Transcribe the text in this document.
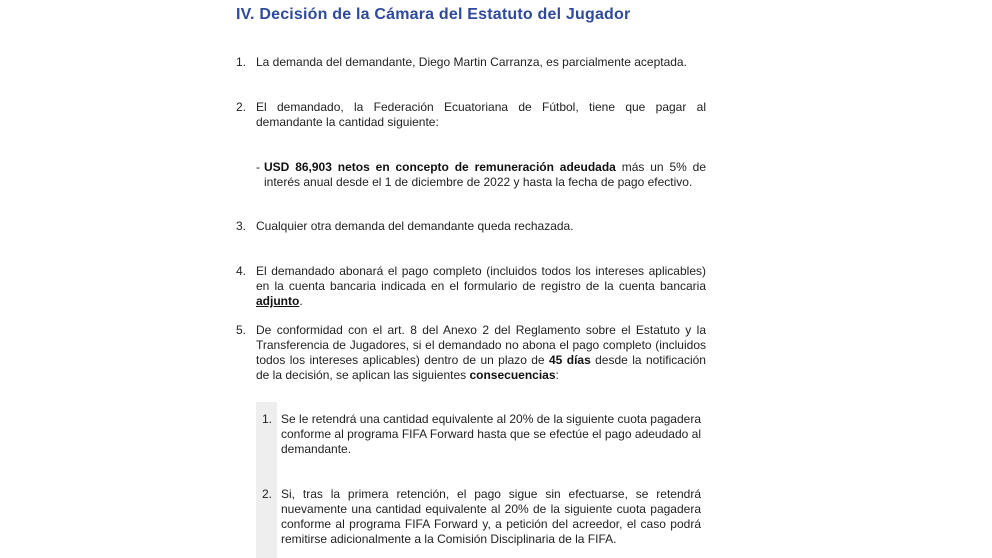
IV. Decisión de la Cámara del Estatuto del Jugador
1. La demanda del demandante, Diego Martin Carranza, es parcialmente aceptada.
2. El demandado, la Federación Ecuatoriana de Fútbol, tiene que pagar al demandante la cantidad siguiente:
- USD 86,903 netos en concepto de remuneración adeudada más un 5% de interés anual desde el 1 de diciembre de 2022 y hasta la fecha de pago efectivo.
3. Cualquier otra demanda del demandante queda rechazada.
4. El demandado abonará el pago completo (incluidos todos los intereses aplicables) en la cuenta bancaria indicada en el formulario de registro de la cuenta bancaria adjunto.
5. De conformidad con el art. 8 del Anexo 2 del Reglamento sobre el Estatuto y la Transferencia de Jugadores, si el demandado no abona el pago completo (incluidos todos los intereses aplicables) dentro de un plazo de 45 días desde la notificación de la decisión, se aplican las siguientes consecuencias:
1. Se le retendrá una cantidad equivalente al 20% de la siguiente cuota pagadera conforme al programa FIFA Forward hasta que se efectúe el pago adeudado al demandante.
2. Si, tras la primera retención, el pago sigue sin efectuarse, se retendrá nuevamente una cantidad equivalente al 20% de la siguiente cuota pagadera conforme al programa FIFA Forward y, a petición del acreedor, el caso podrá remitirse adicionalmente a la Comisión Disciplinaria de la FIFA.
